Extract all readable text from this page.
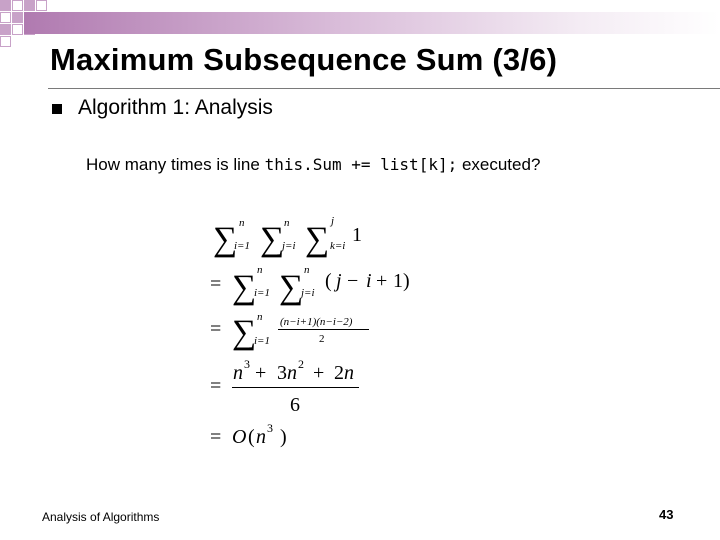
Maximum Subsequence Sum (3/6)
Algorithm 1: Analysis
How many times is line this.Sum += list[k]; executed?
∑ n
i=1 ∑ n
j=i ∑ j
k=i 1
= ∑ n
i=1 ∑ n
j=i
( j − i + 1 )
= ∑ n
i=1
(n−i+1)(n−i−2)
2
=
n 3 + 3 n 2 + 2 n
6
= O ( n 3 )
Analysis of Algorithms	43
